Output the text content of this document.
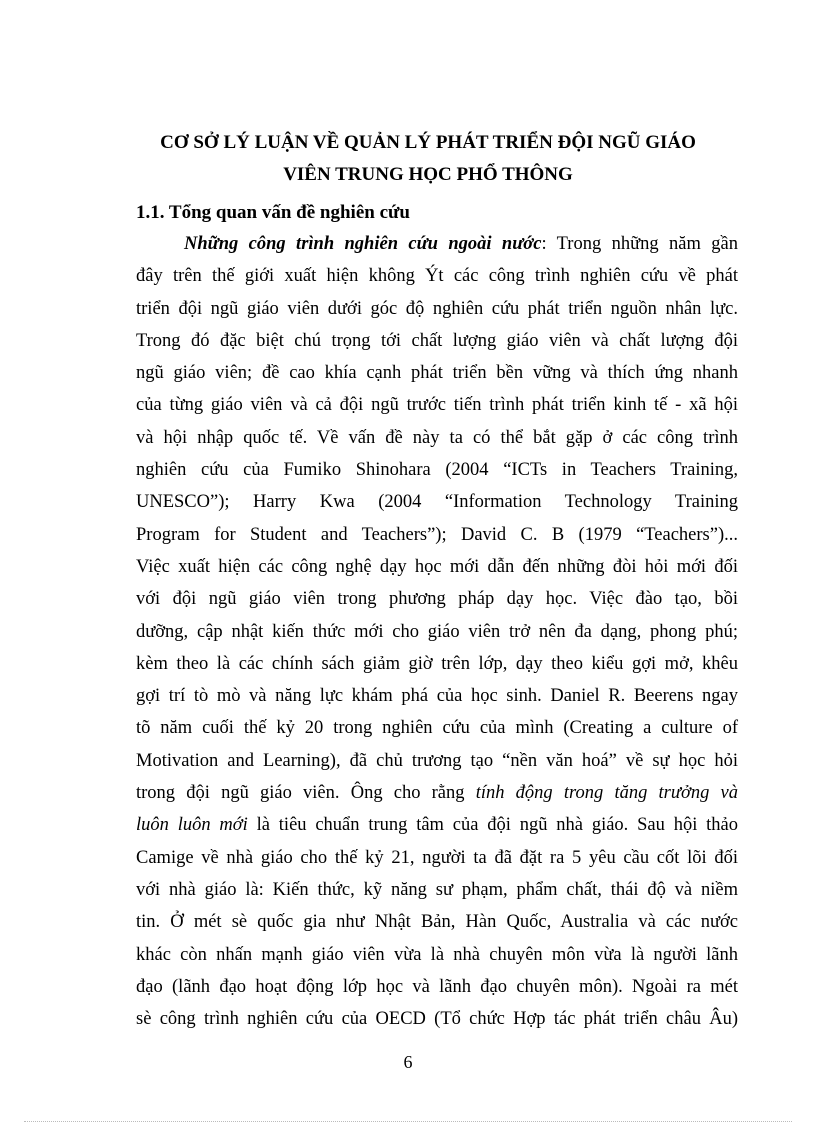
CƠ SỞ LÝ LUẬN VỀ QUẢN LÝ PHÁT TRIỂN ĐỘI NGŨ GIÁO
VIÊN TRUNG HỌC PHỔ THÔNG
1.1. Tổng quan vấn đề nghiên cứu
Những công trình nghiên cứu ngoài nước: Trong những năm gần
đây trên thế giới xuất hiện không Ýt các công trình nghiên cứu về phát
triển đội ngũ giáo viên dưới góc độ nghiên cứu phát triển nguồn nhân lực.
Trong đó đặc biệt chú trọng tới chất lượng giáo viên và chất lượng đội
ngũ giáo viên; đề cao khía cạnh phát triển bền vững và thích ứng nhanh
của từng giáo viên và cả đội ngũ trước tiến trình phát triển kinh tế - xã hội
và hội nhập quốc tế. Về vấn đề này ta có thể bắt gặp ở các công trình
nghiên cứu của Fumiko Shinohara (2004 “ICTs in Teachers Training,
UNESCO”); Harry Kwa (2004 “Information Technology Training
Program for Student and Teachers”); David C. B (1979 “Teachers”)...
Việc xuất hiện các công nghệ dạy học mới dẫn đến những đòi hỏi mới đối
với đội ngũ giáo viên trong phương pháp dạy học. Việc đào tạo, bồi
dưỡng, cập nhật kiến thức mới cho giáo viên trở nên đa dạng, phong phú;
kèm theo là các chính sách giảm giờ trên lớp, dạy theo kiểu gợi mở, khêu
gợi trí tò mò và năng lực khám phá của học sinh. Daniel R. Beerens ngay
tõ năm cuối thế kỷ 20 trong nghiên cứu của mình (Creating a culture of
Motivation and Learning), đã chủ trương tạo “nền văn hoá” về sự học hỏi
trong đội ngũ giáo viên. Ông cho rằng tính động trong tăng trưởng và
luôn luôn mới là tiêu chuẩn trung tâm của đội ngũ nhà giáo. Sau hội thảo
Camige về nhà giáo cho thế kỷ 21, người ta đã đặt ra 5 yêu cầu cốt lõi đối
với nhà giáo là: Kiến thức, kỹ năng sư phạm, phẩm chất, thái độ và niềm
tin. Ở mét sè quốc gia như Nhật Bản, Hàn Quốc, Australia và các nước
khác còn nhấn mạnh giáo viên vừa là nhà chuyên môn vừa là người lãnh
đạo (lãnh đạo hoạt động lớp học và lãnh đạo chuyên môn). Ngoài ra mét
sè công trình nghiên cứu của OECD (Tổ chức Hợp tác phát triển châu Âu)
6
